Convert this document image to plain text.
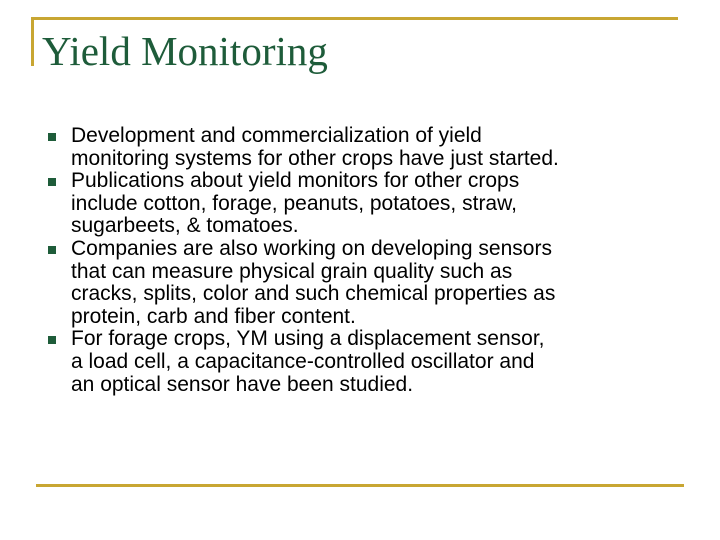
Yield Monitoring
Development and commercialization of yield
monitoring systems for other crops have just started.
Publications about yield monitors for other crops
include cotton, forage, peanuts, potatoes, straw,
sugarbeets, & tomatoes.
Companies are also working on developing sensors
that can measure physical grain quality such as
cracks, splits, color and such chemical properties as
protein, carb and fiber content.
For forage crops, YM using a displacement sensor,
a load cell, a capacitance-controlled oscillator and
an optical sensor have been studied.
